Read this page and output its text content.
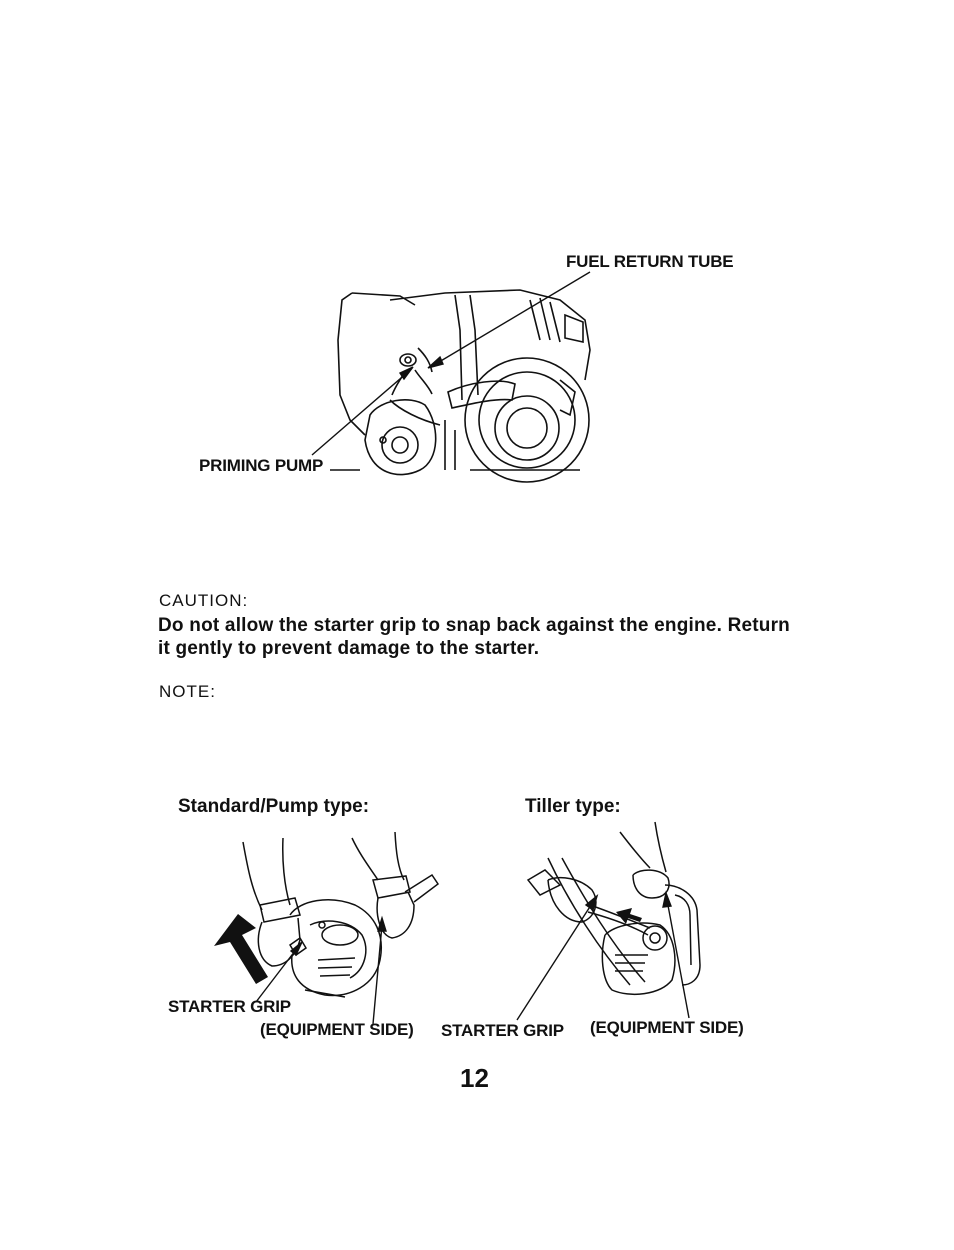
FUEL RETURN TUBE
PRIMING PUMP
CAUTION:
Do not allow the starter grip to snap back against the engine. Return it gently to prevent damage to the starter.
NOTE:
Standard/Pump type:	Tiller type:
STARTER GRIP
(EQUIPMENT SIDE) STARTER GRIP (EQUIPMENT SIDE)
12
